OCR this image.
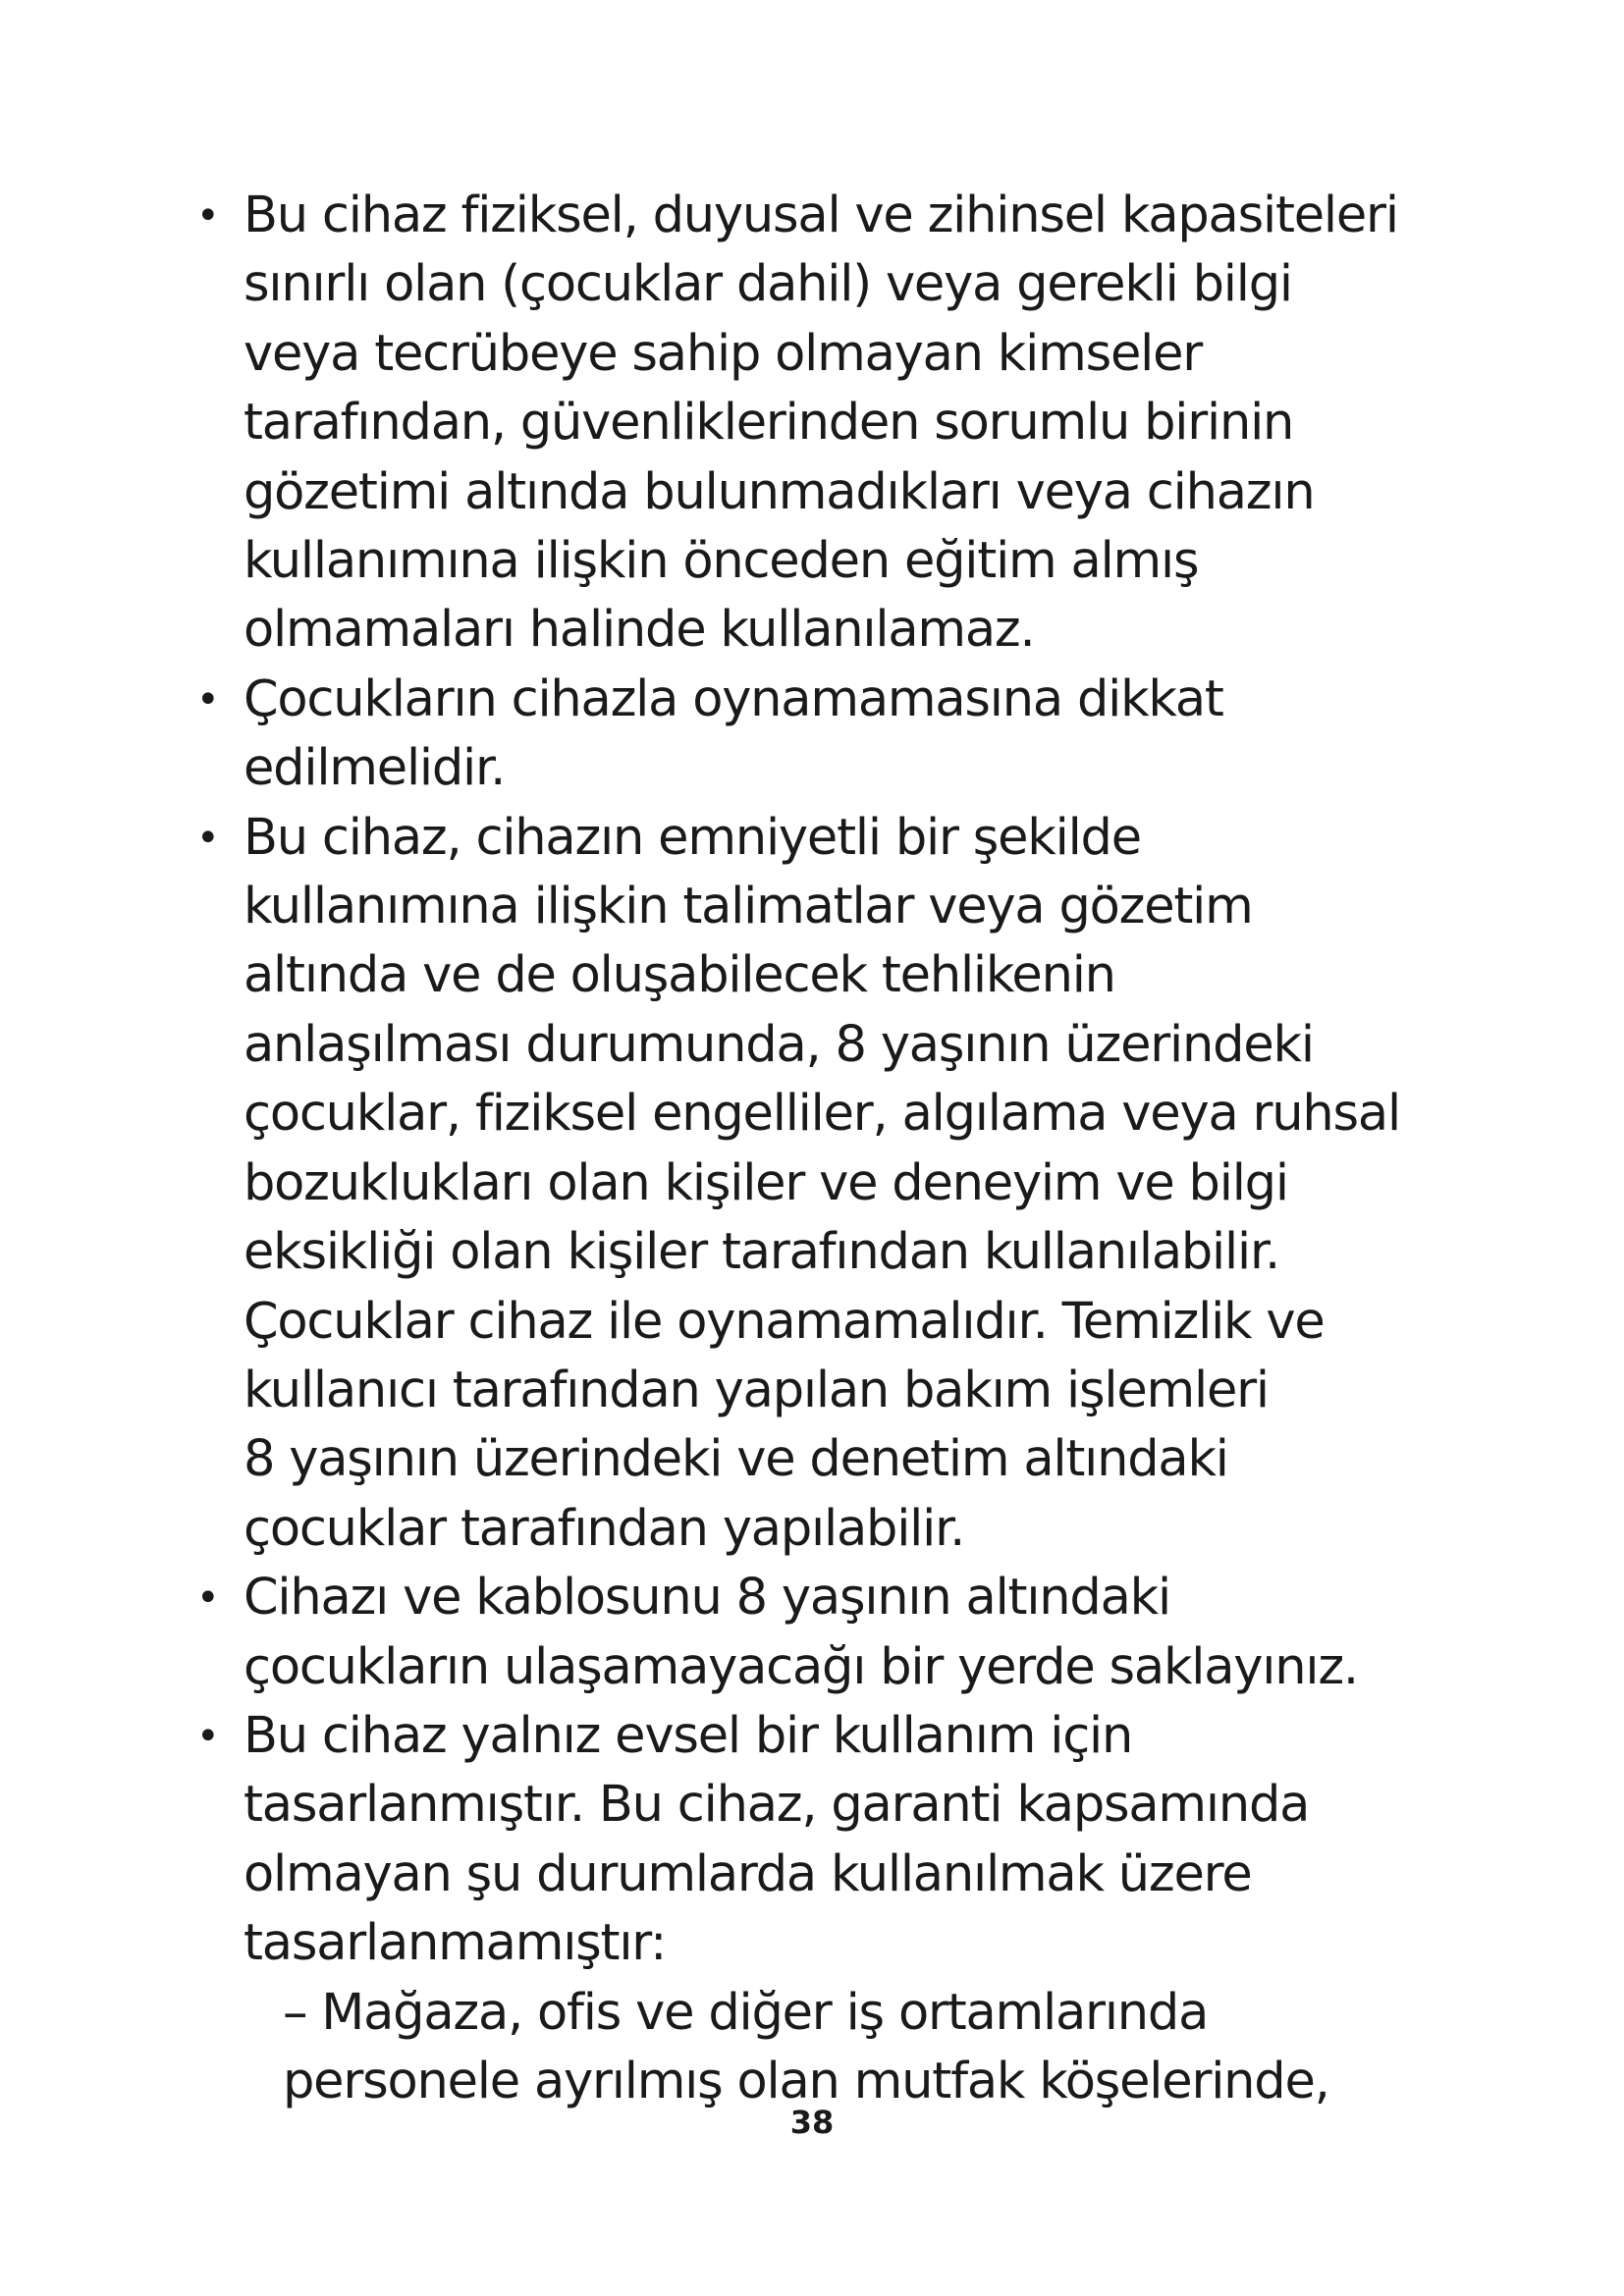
• Bu cihaz fiziksel, duyusal ve zihinsel kapasiteleri
sınırlı olan (çocuklar dahil) veya gerekli bilgi
veya tecrübeye sahip olmayan kimseler
tarafından, güvenliklerinden sorumlu birinin
gözetimi altında bulunmadıkları veya cihazın
kullanımına ilişkin önceden eğitim almış
olmamaları halinde kullanılamaz.
• Çocukların cihazla oynamamasına dikkat
edilmelidir.
• Bu cihaz, cihazın emniyetli bir şekilde
kullanımına ilişkin talimatlar veya gözetim
altında ve de oluşabilecek tehlikenin
anlaşılması durumunda, 8 yaşının üzerindeki
çocuklar, fiziksel engelliler, algılama veya ruhsal
bozuklukları olan kişiler ve deneyim ve bilgi
eksikliği olan kişiler tarafından kullanılabilir.
Çocuklar cihaz ile oynamamalıdır. Temizlik ve
kullanıcı tarafından yapılan bakım işlemleri
8 yaşının üzerindeki ve denetim altındaki
çocuklar tarafından yapılabilir.
• Cihazı ve kablosunu 8 yaşının altındaki
çocukların ulaşamayacağı bir yerde saklayınız.
• Bu cihaz yalnız evsel bir kullanım için
tasarlanmıştır. Bu cihaz, garanti kapsamında
olmayan şu durumlarda kullanılmak üzere
tasarlanmamıştır:
– Mağaza, ofis ve diğer iş ortamlarında
personele ayrılmış olan mutfak köşelerinde,
38
